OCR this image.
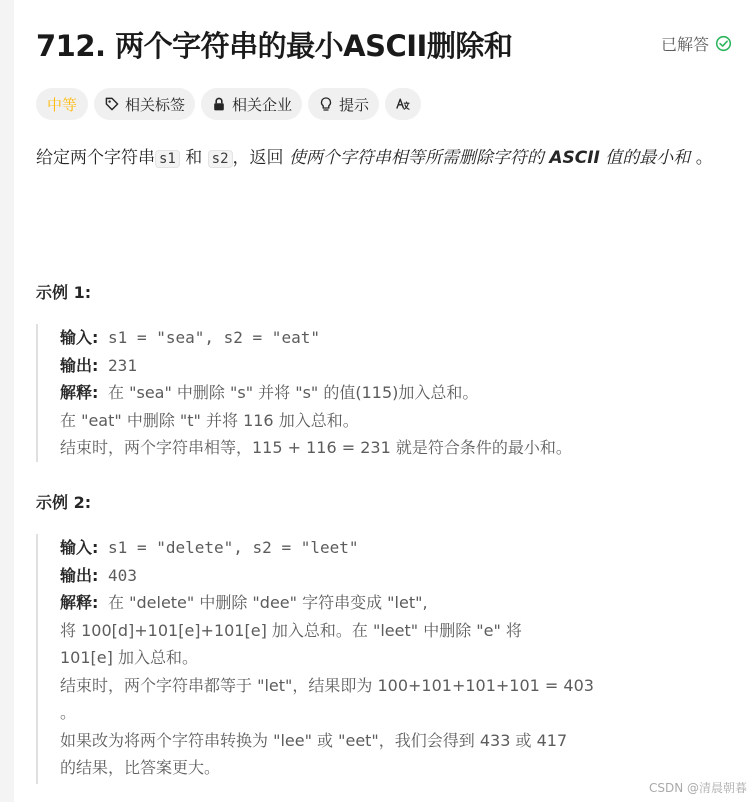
712. 两个字符串的最小ASCII删除和	已解答
中等	相关标签	相关企业	提示
给定两个字符串 s1 和 s2 ，返回 使两个字符串相等所需删除字符的 ASCII 值的最小和 。
示例 1:
输入: s1 = "sea", s2 = "eat"
输出: 231
解释: 在 "sea" 中删除 "s" 并将 "s" 的值(115)加入总和。
在 "eat" 中删除 "t" 并将 116 加入总和。
结束时，两个字符串相等，115 + 116 = 231 就是符合条件的最小和。
示例 2:
输入: s1 = "delete", s2 = "leet"
输出: 403
解释: 在 "delete" 中删除 "dee" 字符串变成 "let",
将 100[d]+101[e]+101[e] 加入总和。在 "leet" 中删除 "e" 将
101[e] 加入总和。
结束时，两个字符串都等于 "let"，结果即为 100+101+101+101 = 403
。
如果改为将两个字符串转换为 "lee" 或 "eet"，我们会得到 433 或 417
的结果，比答案更大。
CSDN @清晨朝暮
